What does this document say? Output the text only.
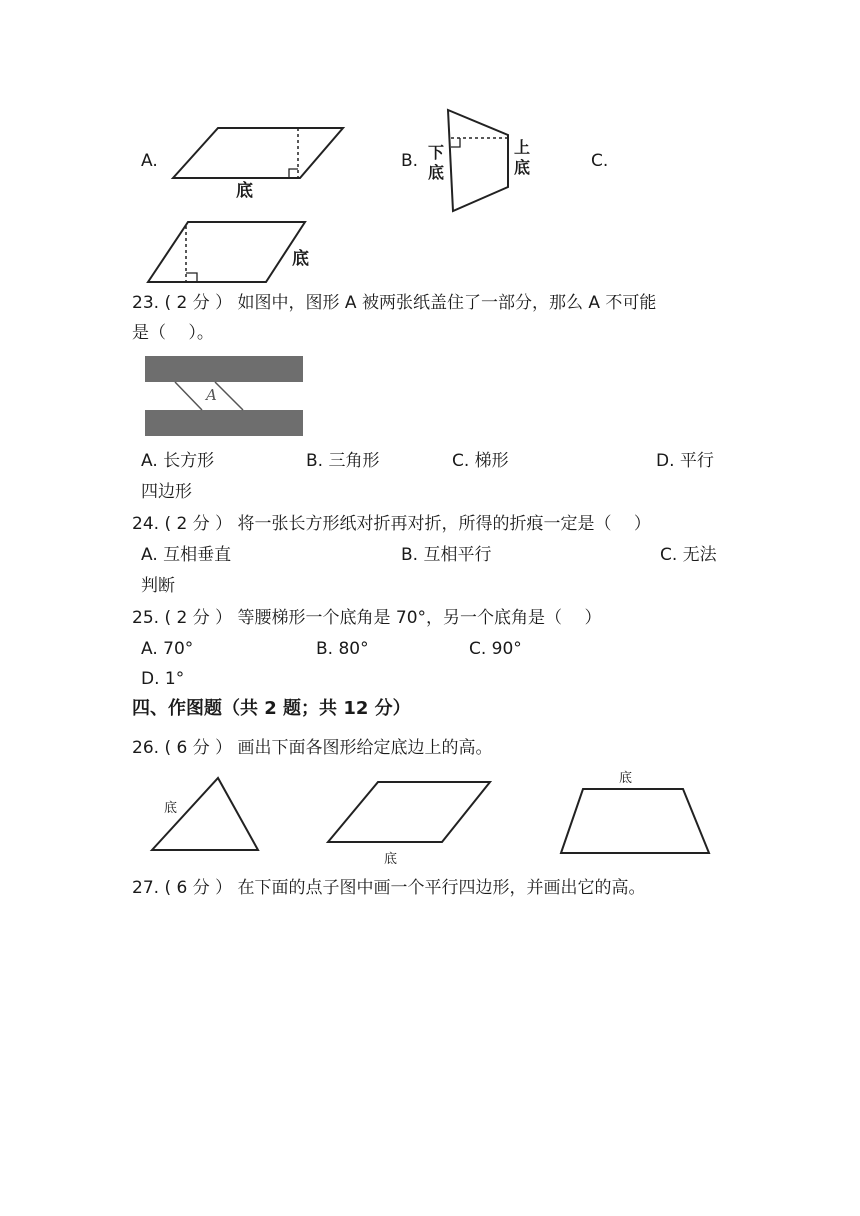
A.
底
B. 下底
上底	C.
底
23. ( 2 分 ） 如图中，图形 A 被两张纸盖住了一部分，那么 A 不可能
是（　 ）。
A
A. 长方形	B. 三角形	C. 梯形	D. 平行
四边形
24. ( 2 分 ） 将一张长方形纸对折再对折，所得的折痕一定是（　 ）
A. 互相垂直	B. 互相平行	C. 无法
判断
25. ( 2 分 ） 等腰梯形一个底角是 70°，另一个底角是（　 ）
A. 70°	B. 80°	C. 90°
D. 1°
四、作图题（共 2 题；共 12 分）
26. ( 6 分 ） 画出下面各图形给定底边上的高。
底
底
底
27. ( 6 分 ） 在下面的点子图中画一个平行四边形，并画出它的高。
